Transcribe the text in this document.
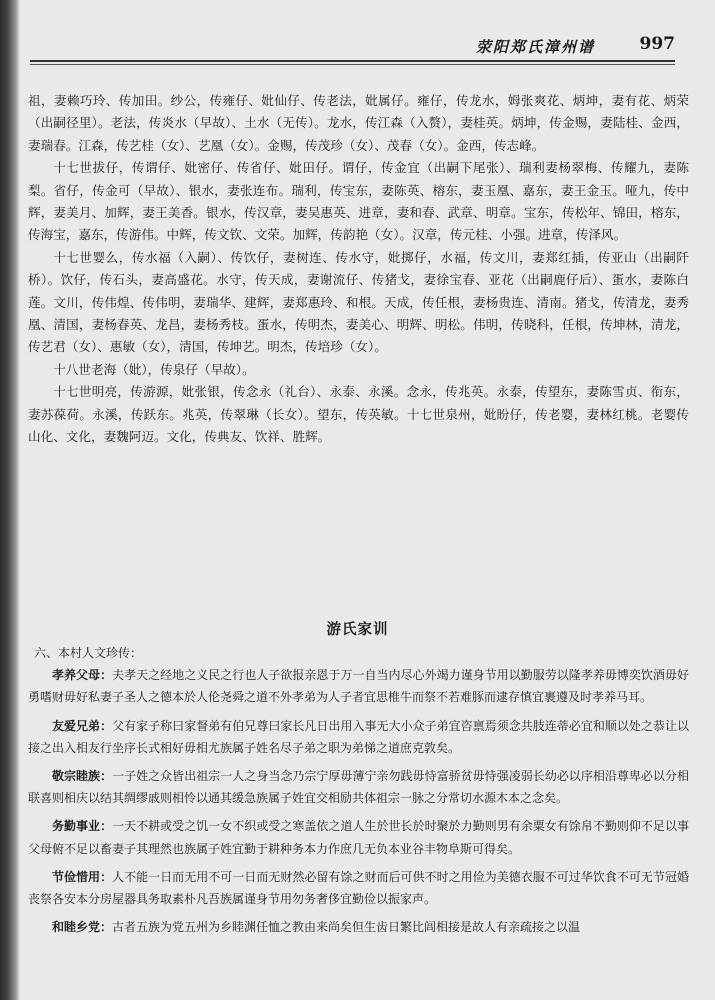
荥阳郑氏漳州谱	997

祖，妻赖巧玲、传加田。纱公，传雍仔、妣仙仔、传老法，妣属仔。雍仔，传龙水，姆张爽花、炳坤，妻有花、炳荣（出嗣径里）。老法，传炎水（早故）、土水（无传）。龙水，传江森（入赘），妻桂英。炳坤，传金赐，妻陆桂、金西，妻瑞春。江森，传艺桂（女）、艺凰（女）。金赐，传茂珍（女）、茂春（女）。金西，传志峰。

十七世拔仔，传谓仔、妣密仔、传省仔、妣田仔。谓仔，传金宜（出嗣下尾张）、瑞利妻杨翠梅、传耀九，妻陈梨。省仔，传金可（早故）、银水，妻张连布。瑞利，传宝东，妻陈英、榕东，妻玉凰、嘉东，妻王金玉。哑九，传中辉，妻美月、加辉，妻王美香。银水，传汉章，妻吴惠英、进章，妻和春、武章、明章。宝东，传松年、锦田，榕东，传海宝，嘉东，传游伟。中辉，传文钦、文荣。加辉，传韵艳（女）。汉章，传元桂、小强。进章，传泽风。

十七世婴么，传水福（入嗣）、传饮仔，妻树连、传水守，妣掷仔，水福，传文川，妻郑红插，传亚山（出嗣阡桥）。饮仔，传石头，妻高盛花。水守，传天成，妻谢流仔、传猪戈，妻徐宝春、亚花（出嗣鹿仔后）、蛋水，妻陈白莲。文川，传伟煌、传伟明，妻瑞华、建辉，妻郑惠玲、和根。天成，传任根，妻杨贵连、清南。猪戈，传清龙，妻秀凰、清国，妻杨春英、龙昌，妻杨秀枝。蛋水，传明杰，妻美心、明辉、明松。伟明，传晓科，任根，传坤林，清龙，传艺君（女）、惠敏（女），清国，传坤艺。明杰，传培珍（女）。

十八世老海（妣），传泉仔（早故）。

十七世明亮，传游源，妣张银，传念永（礼台）、永泰、永溪。念永，传兆英。永泰，传望东，妻陈雪贞、衔东，妻苏葆荷。永溪，传跃东。兆英，传翠琳（长女）。望东，传英敏。十七世泉州，妣盼仔，传老婴，妻林红桃。老婴传山化、文化，妻魏阿迈。文化，传典友、饮祥、胜辉。

游氏家训

六、本村人文珍传：

孝养父母：夫孝天之经地之义民之行也人子欲报亲恩于万一自当内尽心外竭力谨身节用以勤服劳以隆孝养毋博奕饮酒毋好勇嗜财毋好私妻子圣人之德本於人伦尧舜之道不外孝弟为人子者宜思椎牛而祭不若难豚而逮存慎宜裹遵及时孝养马耳。

友爱兄弟：父有家子称曰家督弟有伯兄尊曰家长凡日出用入事无大小众子弟宜咨禀焉须念共肢连蒂必宜和顺以处之恭让以接之出入相友行坐序长式相好毋相尤族属子姓名尽子弟之职为弟悌之道庶克敦矣。

敬宗睦族：一子姓之众皆出祖宗一人之身当念乃宗宁厚毋薄宁亲勿践毋恃富骄贫毋恃强凌弱长幼必以序相沿尊卑必以分相联喜则相庆以结其绸缪戚则相怜以通其缓急族属子姓宜交相励共体祖宗一脉之分常切水源木本之念矣。

务勤事业：一天不耕或受之饥一女不织或受之寒盖依之道人生於世长於时聚於力勤则男有余粟女有馀帛不勤则仰不足以事父母俯不足以畜妻子其理然也族属子姓宜勤于耕种务本力作庶几无负本业谷丰物阜斯可得矣。

节俭惜用：人不能一日而无用不可一日而无财然必留有馀之财而后可供不时之用俭为美德衣服不可过华饮食不可无节冠婚丧祭各安本分房屋器具务取素朴凡吾族属谨身节用勿务奢侈宜勤俭以振家声。

和睦乡党：古者五族为党五州为乡睦渊任恤之教由来尚矣但生齿日繁比闾相接是故人有亲疏接之以温
